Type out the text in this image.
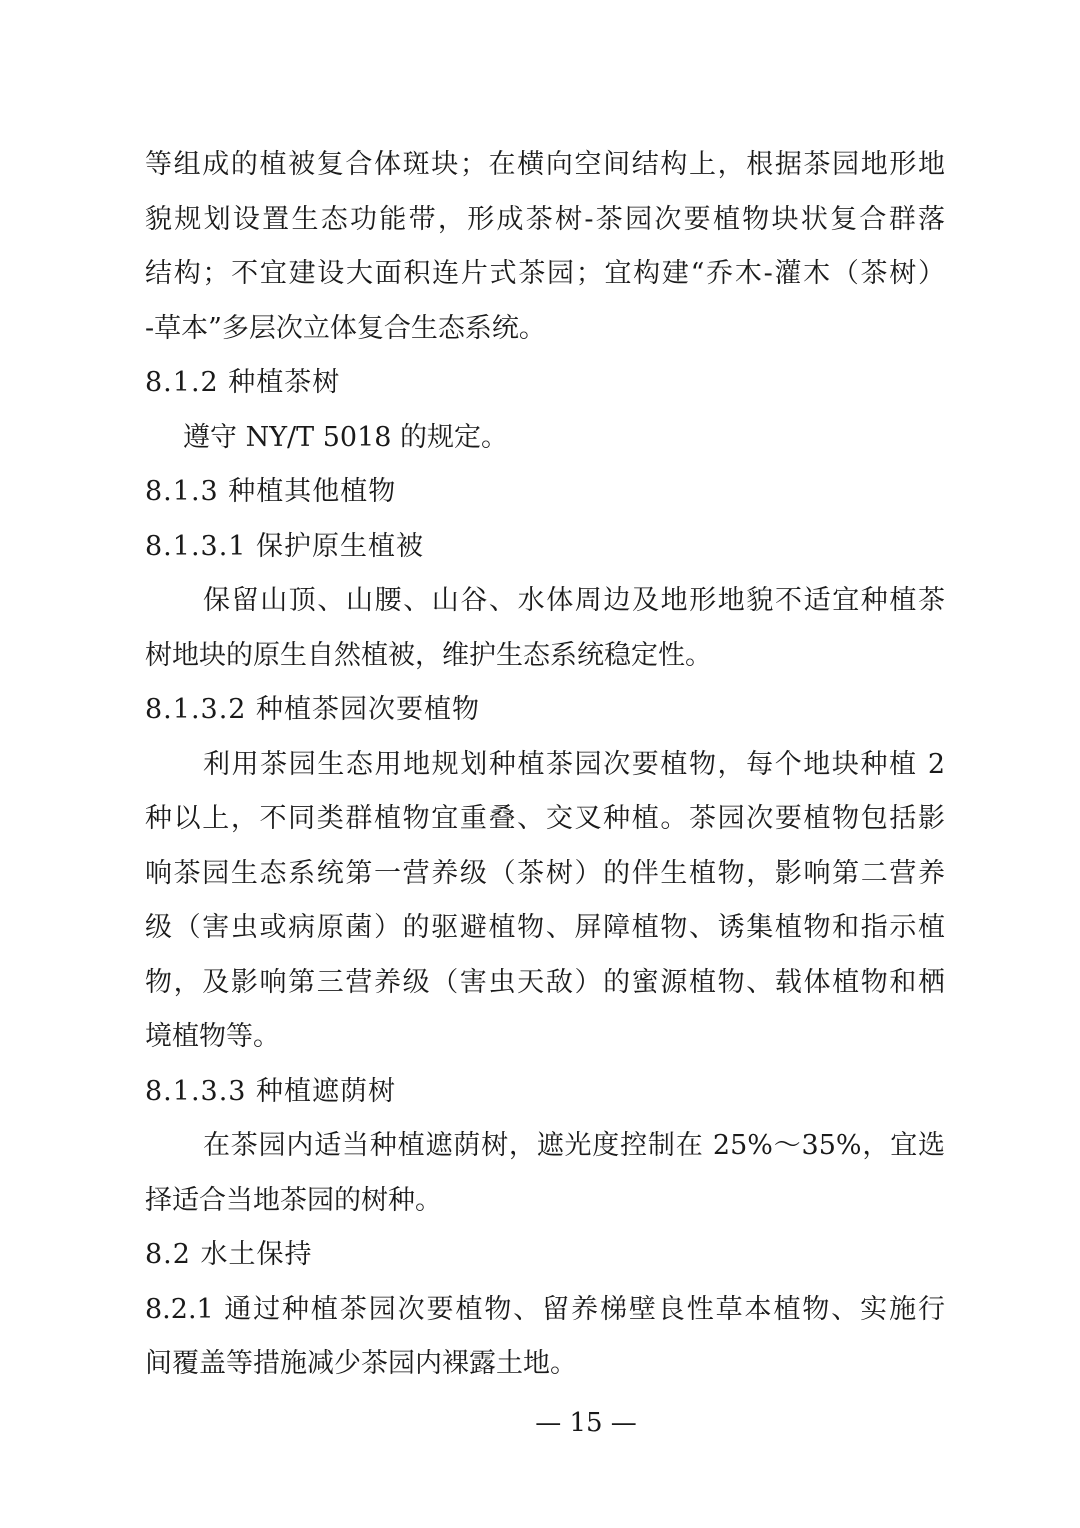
等组成的植被复合体斑块；在横向空间结构上，根据茶园地形地
貌规划设置生态功能带，形成茶树-茶园次要植物块状复合群落
结构；不宜建设大面积连片式茶园；宜构建“乔木-灌木（茶树）
-草本”多层次立体复合生态系统。
8.1.2 种植茶树
遵守 NY/T 5018 的规定。
8.1.3 种植其他植物
8.1.3.1 保护原生植被
保留山顶、山腰、山谷、水体周边及地形地貌不适宜种植茶
树地块的原生自然植被，维护生态系统稳定性。
8.1.3.2 种植茶园次要植物
利用茶园生态用地规划种植茶园次要植物，每个地块种植 2
种以上，不同类群植物宜重叠、交叉种植。茶园次要植物包括影
响茶园生态系统第一营养级（茶树）的伴生植物，影响第二营养
级（害虫或病原菌）的驱避植物、屏障植物、诱集植物和指示植
物，及影响第三营养级（害虫天敌）的蜜源植物、载体植物和栖
境植物等。
8.1.3.3 种植遮荫树
在茶园内适当种植遮荫树，遮光度控制在 25%～35%，宜选
择适合当地茶园的树种。
8.2 水土保持
8.2.1 通过种植茶园次要植物、留养梯壁良性草本植物、实施行
间覆盖等措施减少茶园内裸露土地。
— 15 —
